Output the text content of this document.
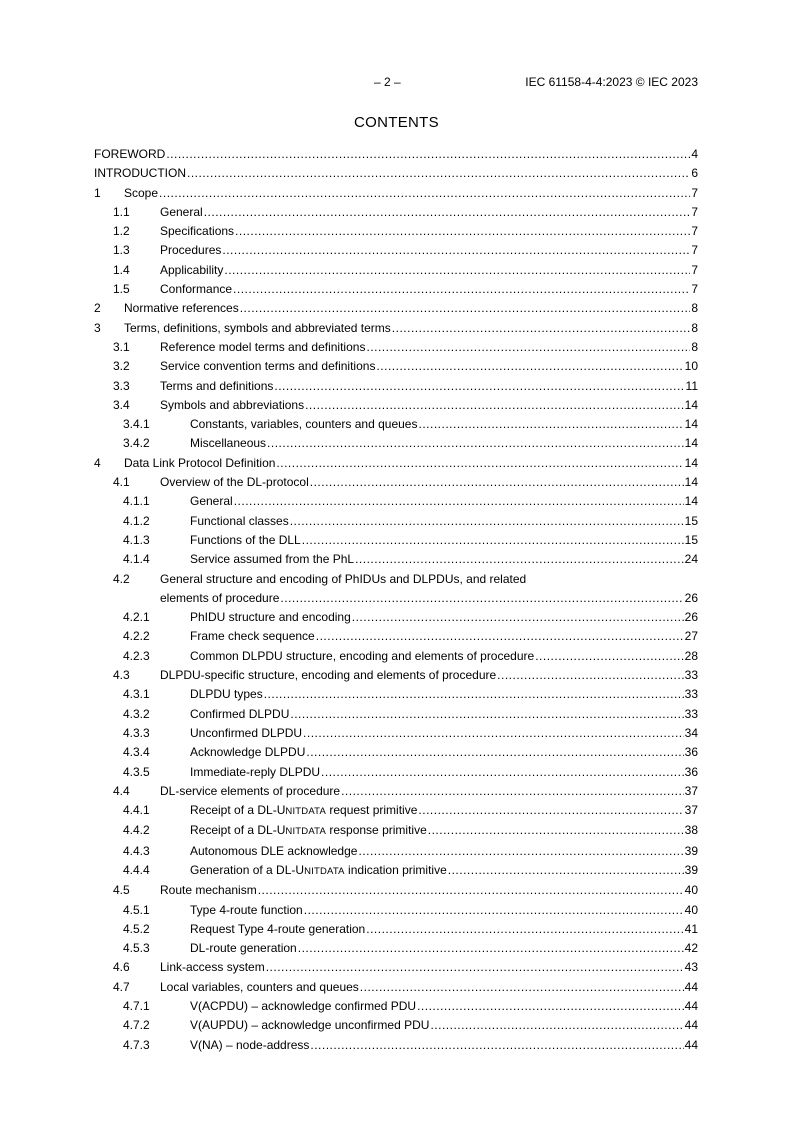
– 2 –	IEC 61158-4-4:2023 © IEC 2023
CONTENTS
FOREWORD .....	4
INTRODUCTION .....	6
1 Scope .....	7
1.1	General .....	7
1.2	Specifications .....	7
1.3	Procedures .....	7
1.4	Applicability .....	7
1.5	Conformance .....	7
2 Normative references .....	8
3 Terms, definitions, symbols and abbreviated terms .....	8
3.1	Reference model terms and definitions .....	8
3.2	Service convention terms and definitions .....	10
3.3	Terms and definitions .....	11
3.4	Symbols and abbreviations .....	14
3.4.1	Constants, variables, counters and queues .....	14
3.4.2	Miscellaneous .....	14
4 Data Link Protocol Definition .....	14
4.1	Overview of the DL-protocol .....	14
4.1.1	General .....	14
4.1.2	Functional classes .....	15
4.1.3	Functions of the DLL .....	15
4.1.4	Service assumed from the PhL .....	24
4.2	General structure and encoding of PhIDUs and DLPDUs, and related
elements of procedure .....	26
4.2.1	PhIDU structure and encoding .....	26
4.2.2	Frame check sequence .....	27
4.2.3	Common DLPDU structure, encoding and elements of procedure .....	28
4.3	DLPDU-specific structure, encoding and elements of procedure .....	33
4.3.1	DLPDU types .....	33
4.3.2	Confirmed DLPDU .....	33
4.3.3	Unconfirmed DLPDU .....	34
4.3.4	Acknowledge DLPDU .....	36
4.3.5	Immediate-reply DLPDU .....	36
4.4	DL-service elements of procedure .....	37
4.4.1	Receipt of a DL-UNITDATA request primitive .....	37
4.4.2	Receipt of a DL-UNITDATA response primitive .....	38
4.4.3	Autonomous DLE acknowledge .....	39
4.4.4	Generation of a DL-UNITDATA indication primitive .....	39
4.5	Route mechanism .....	40
4.5.1	Type 4-route function .....	40
4.5.2	Request Type 4-route generation .....	41
4.5.3	DL-route generation .....	42
4.6	Link-access system .....	43
4.7	Local variables, counters and queues .....	44
4.7.1	V(ACPDU) – acknowledge confirmed PDU .....	44
4.7.2	V(AUPDU) – acknowledge unconfirmed PDU .....	44
4.7.3	V(NA) – node-address .....	44
